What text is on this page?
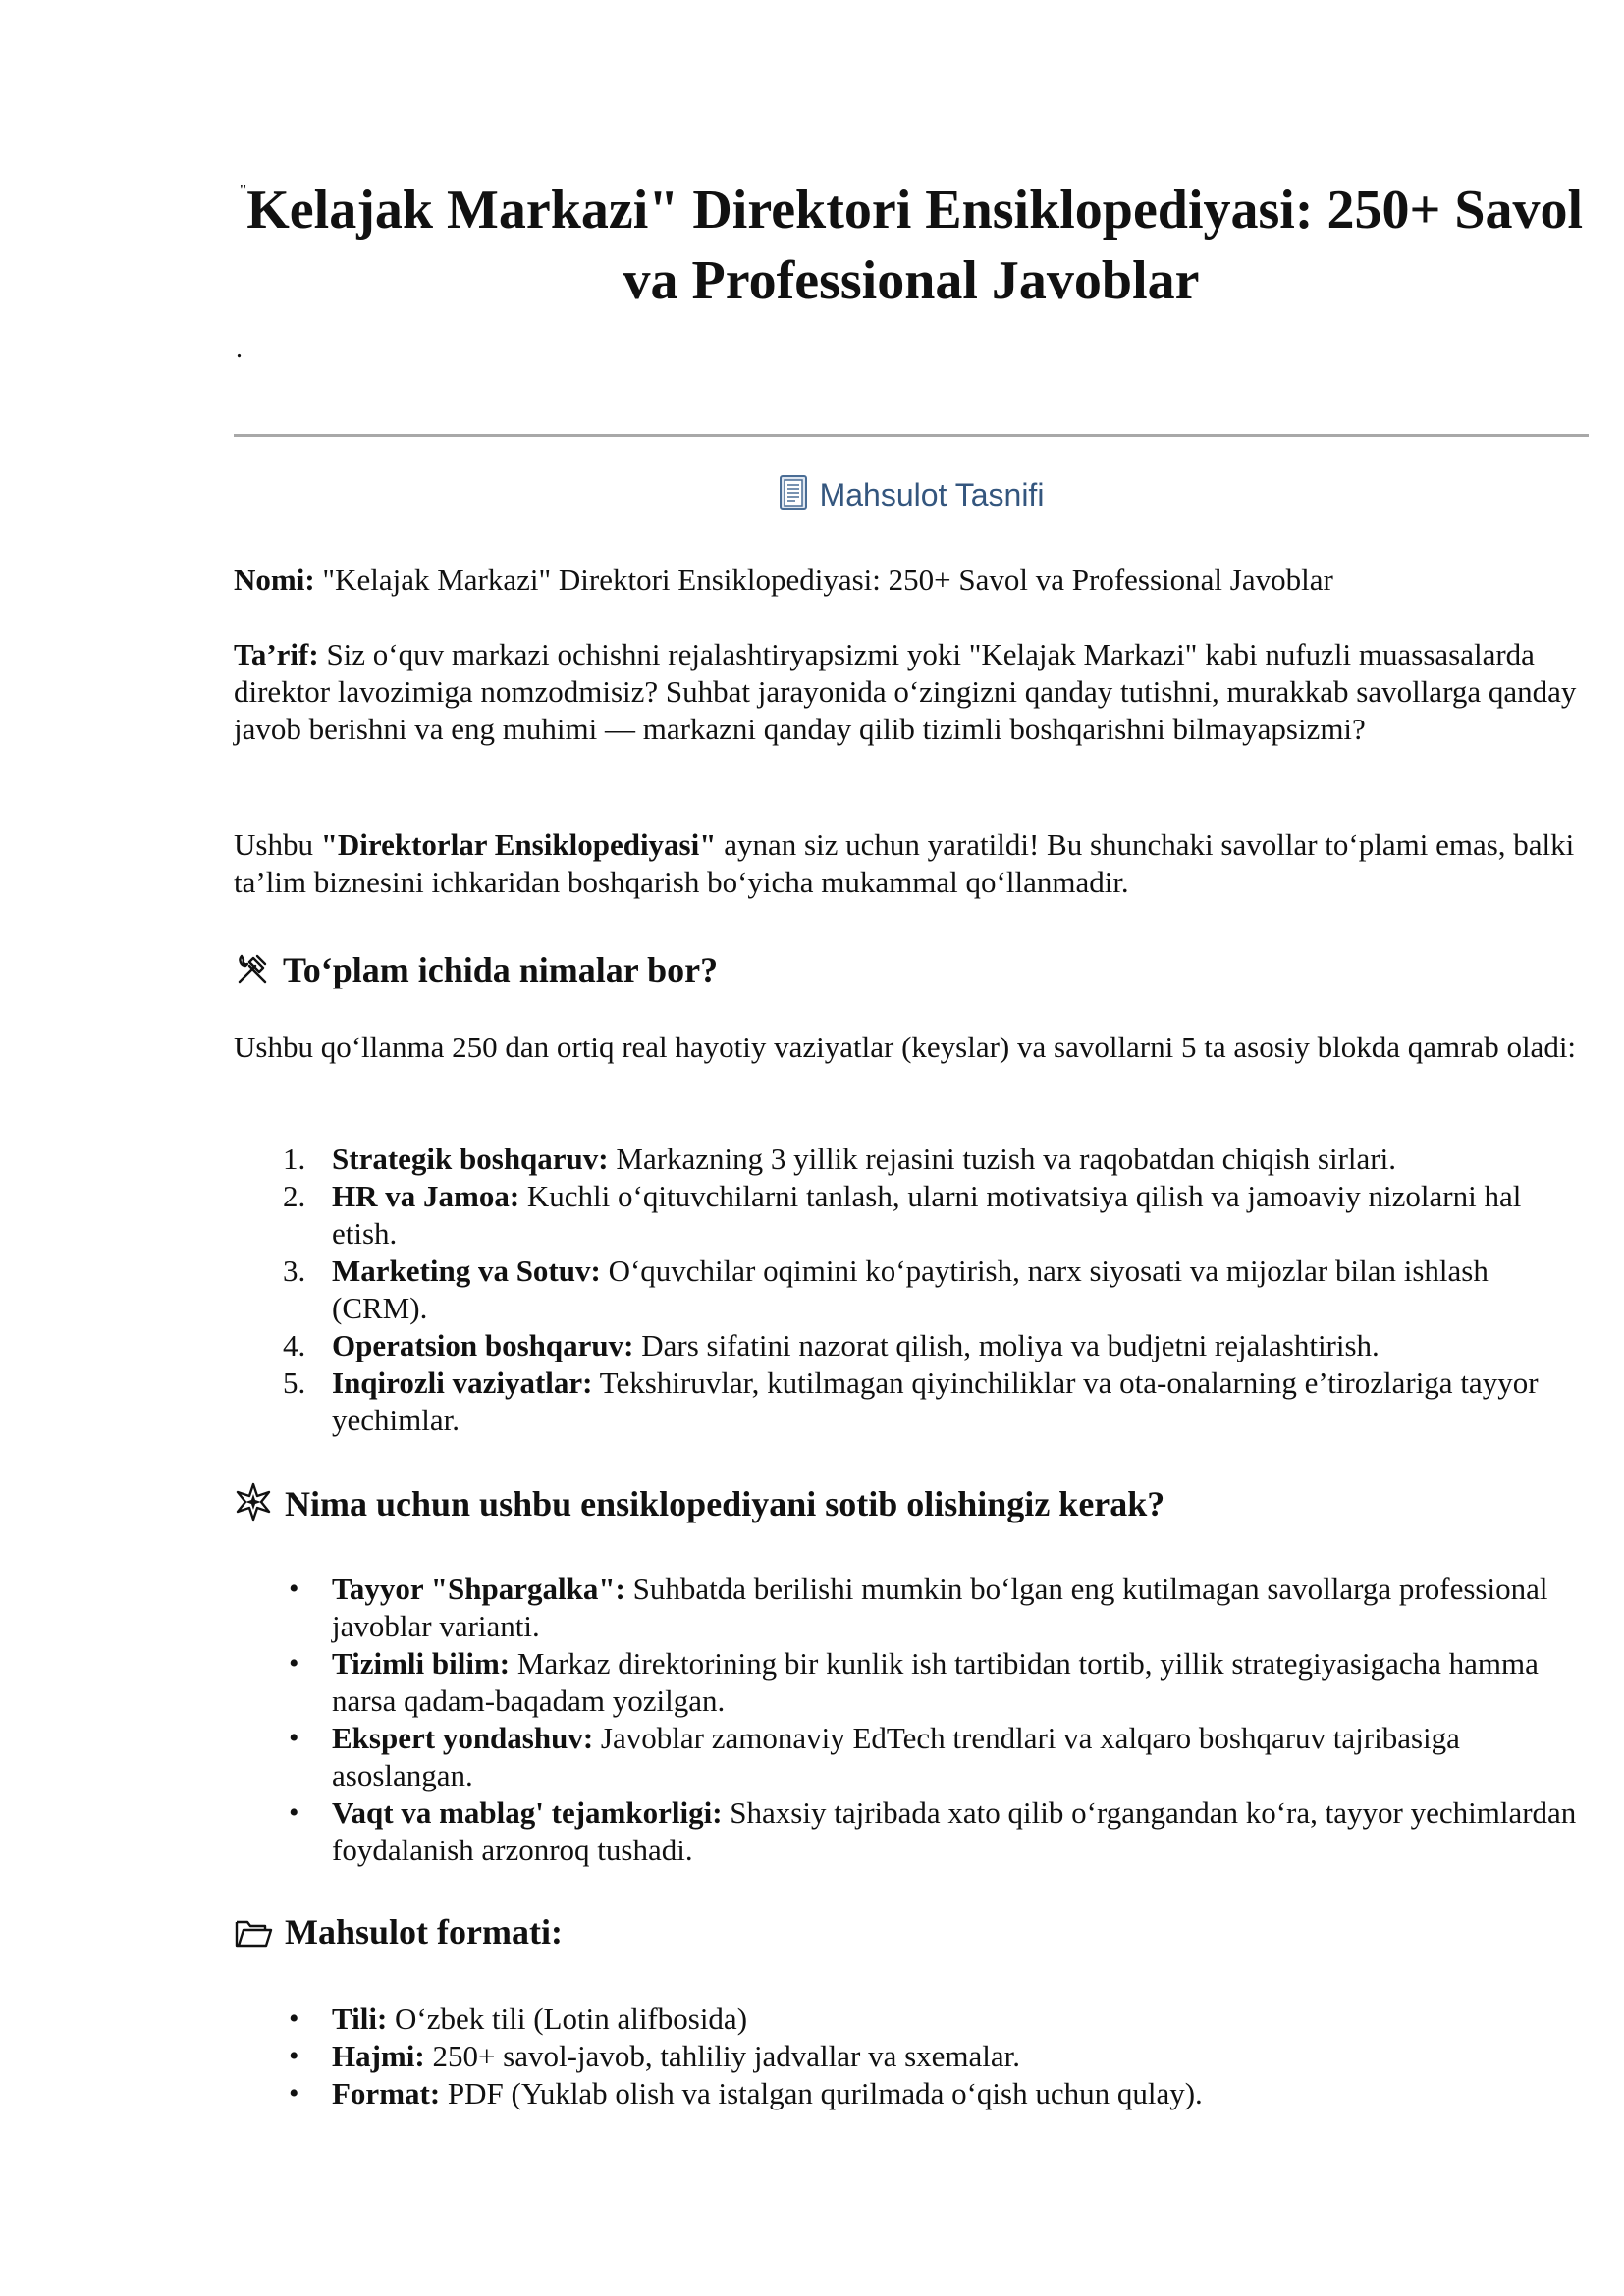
"Kelajak Markazi" Direktori Ensiklopediyasi: 250+ Savol va Professional Javoblar
.
Mahsulot Tasnifi

Nomi: "Kelajak Markazi" Direktori Ensiklopediyasi: 250+ Savol va Professional Javoblar

Ta’rif: Siz o‘quv markazi ochishni rejalashtiryapsizmi yoki "Kelajak Markazi" kabi nufuzli muassasalarda direktor lavozimiga nomzodmisiz? Suhbat jarayonida o‘zingizni qanday tutishni, murakkab savollarga qanday javob berishni va eng muhimi — markazni qanday qilib tizimli boshqarishni bilmayapsizmi?

Ushbu "Direktorlar Ensiklopediyasi" aynan siz uchun yaratildi! Bu shunchaki savollar to‘plami emas, balki ta’lim biznesini ichkaridan boshqarish bo‘yicha mukammal qo‘llanmadir.

To‘plam ichida nimalar bor?

Ushbu qo‘llanma 250 dan ortiq real hayotiy vaziyatlar (keyslar) va savollarni 5 ta asosiy blokda qamrab oladi:

1. Strategik boshqaruv: Markazning 3 yillik rejasini tuzish va raqobatdan chiqish sirlari.
2. HR va Jamoa: Kuchli o‘qituvchilarni tanlash, ularni motivatsiya qilish va jamoaviy nizolarni hal etish.
3. Marketing va Sotuv: O‘quvchilar oqimini ko‘paytirish, narx siyosati va mijozlar bilan ishlash (CRM).
4. Operatsion boshqaruv: Dars sifatini nazorat qilish, moliya va budjetni rejalashtirish.
5. Inqirozli vaziyatlar: Tekshiruvlar, kutilmagan qiyinchiliklar va ota-onalarning e’tirozlariga tayyor yechimlar.
Nima uchun ushbu ensiklopediyani sotib olishingiz kerak?
• Tayyor "Shpargalka": Suhbatda berilishi mumkin bo‘lgan eng kutilmagan savollarga professional javoblar varianti.
• Tizimli bilim: Markaz direktorining bir kunlik ish tartibidan tortib, yillik strategiyasigacha hamma narsa qadam-baqadam yozilgan.
• Ekspert yondashuv: Javoblar zamonaviy EdTech trendlari va xalqaro boshqaruv tajribasiga asoslangan.
• Vaqt va mablag' tejamkorligi: Shaxsiy tajribada xato qilib o‘rgangandan ko‘ra, tayyor yechimlardan foydalanish arzonroq tushadi.
Mahsulot formati:
• Tili: O‘zbek tili (Lotin alifbosida)
• Hajmi: 250+ savol-javob, tahliliy jadvallar va sxemalar.
• Format: PDF (Yuklab olish va istalgan qurilmada o‘qish uchun qulay).
